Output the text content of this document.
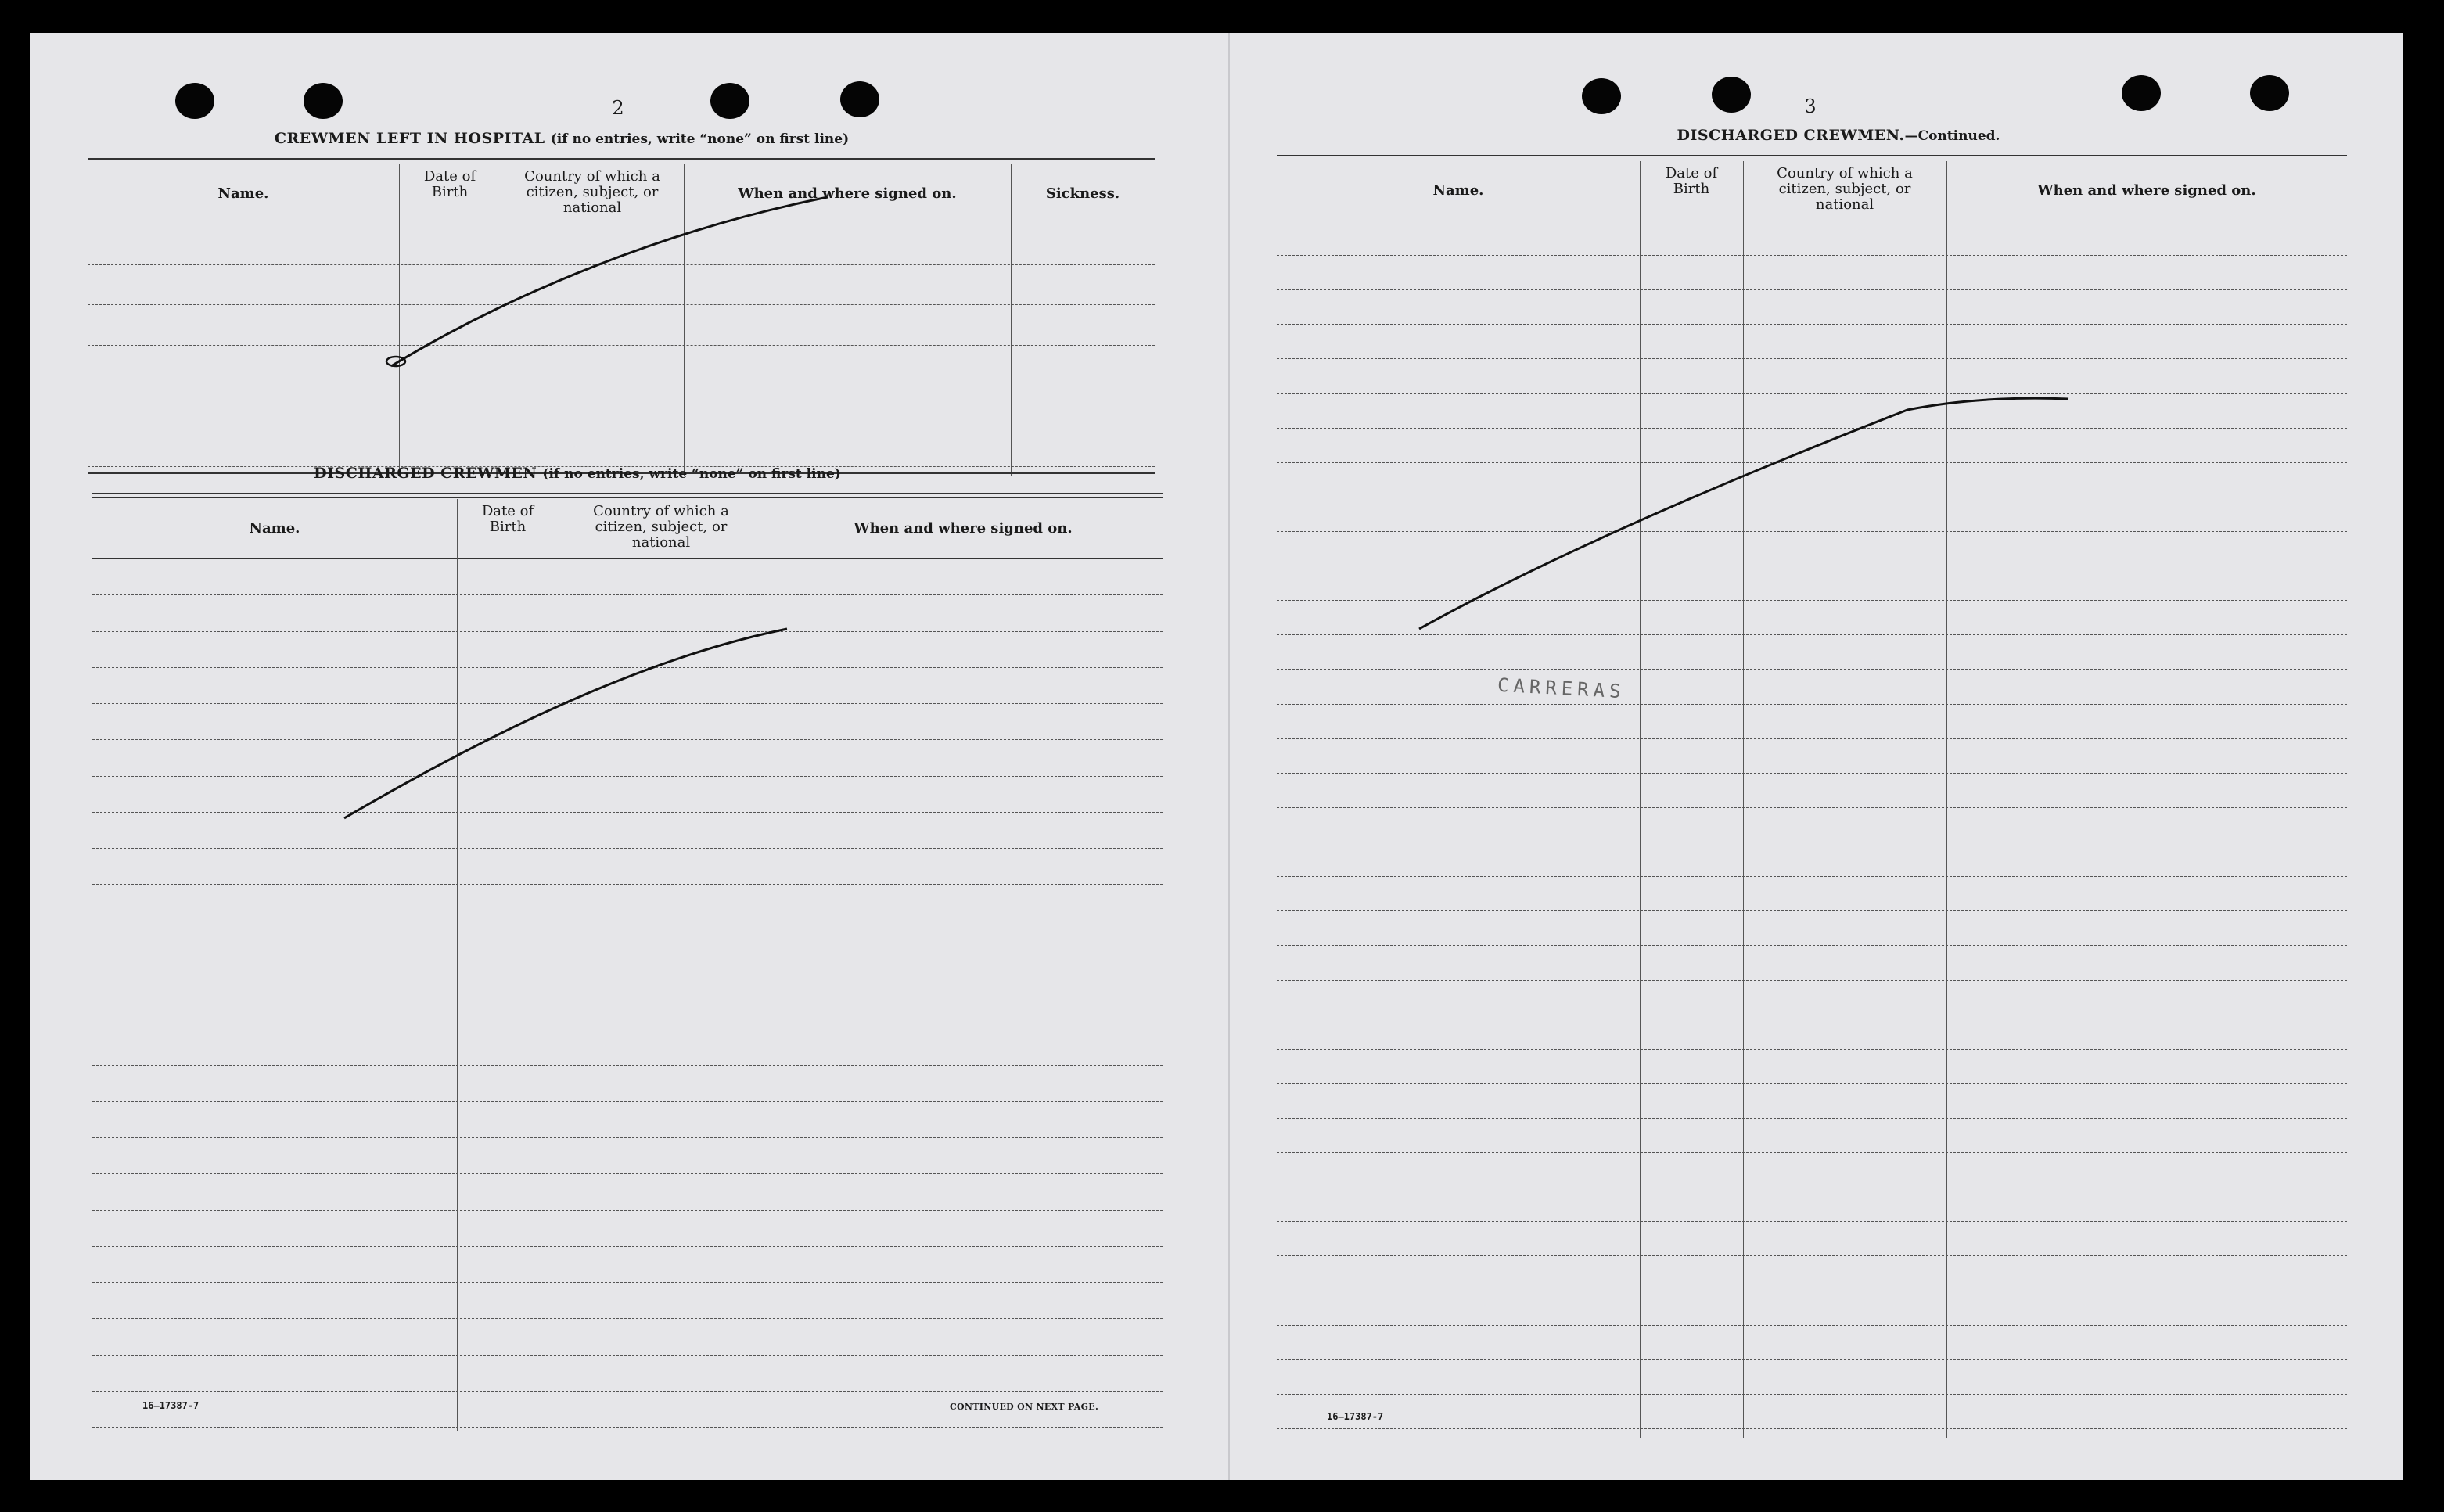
2
CREWMEN LEFT IN HOSPITAL (if no entries, write “none” on first line)
Name.
Date of Birth
Country of which a citizen, subject, or national
When and where signed on.	Sickness.
DISCHARGED CREWMEN (if no entries, write “none” on first line)
Name.
Date of Birth
Country of which a citizen, subject, or national
When and where signed on.
16—17387-7	CONTINUED ON NEXT PAGE.
3
DISCHARGED CREWMEN.—Continued.
Name.
Date of Birth
Country of which a citizen, subject, or national
When and where signed on.
16—17387-7
CARRERAS
